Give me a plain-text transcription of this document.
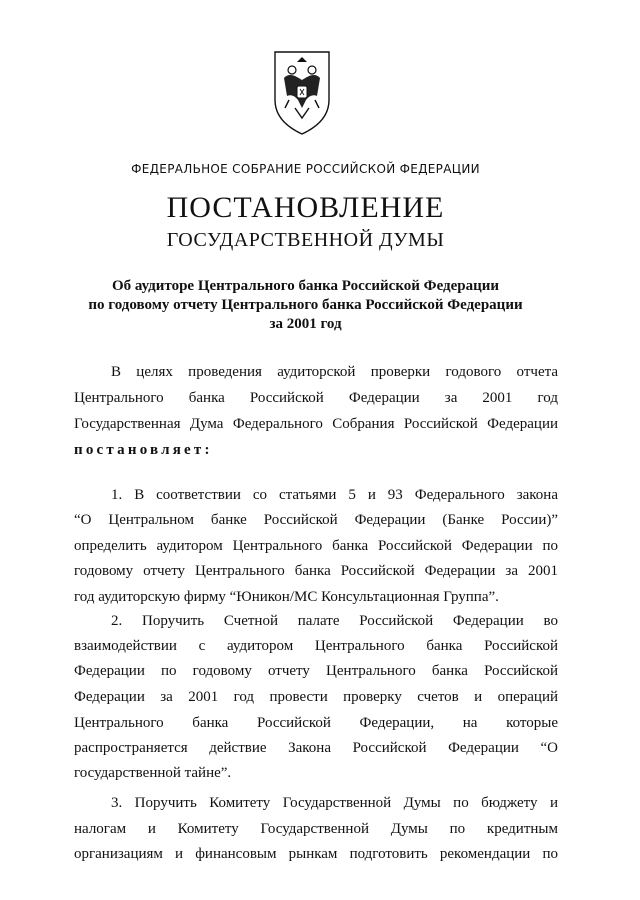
ФЕДЕРАЛЬНОЕ СОБРАНИЕ РОССИЙСКОЙ ФЕДЕРАЦИИ
ПОСТАНОВЛЕНИЕ
ГОСУДАРСТВЕННОЙ ДУМЫ
Об аудиторе Центрального банка Российской Федерации
по годовому отчету Центрального банка Российской Федерации
за 2001 год
В целях проведения аудиторской проверки годового отчета
Центрального банка Российской Федерации за 2001 год
Государственная Дума Федерального Собрания Российской Федерации
постановляет:
1. В соответствии со статьями 5 и 93 Федерального закона
“О Центральном банке Российской Федерации (Банке России)”
определить аудитором Центрального банка Российской Федерации по
годовому отчету Центрального банка Российской Федерации за 2001
год аудиторскую фирму “Юникон/МС Консультационная Группа”.
2. Поручить Счетной палате Российской Федерации во
взаимодействии с аудитором Центрального банка Российской
Федерации по годовому отчету Центрального банка Российской
Федерации за 2001 год провести проверку счетов и операций
Центрального банка Российской Федерации, на которые
распространяется действие Закона Российской Федерации “О
государственной тайне”.
3. Поручить Комитету Государственной Думы по бюджету и
налогам и Комитету Государственной Думы по кредитным
организациям и финансовым рынкам подготовить рекомендации по
